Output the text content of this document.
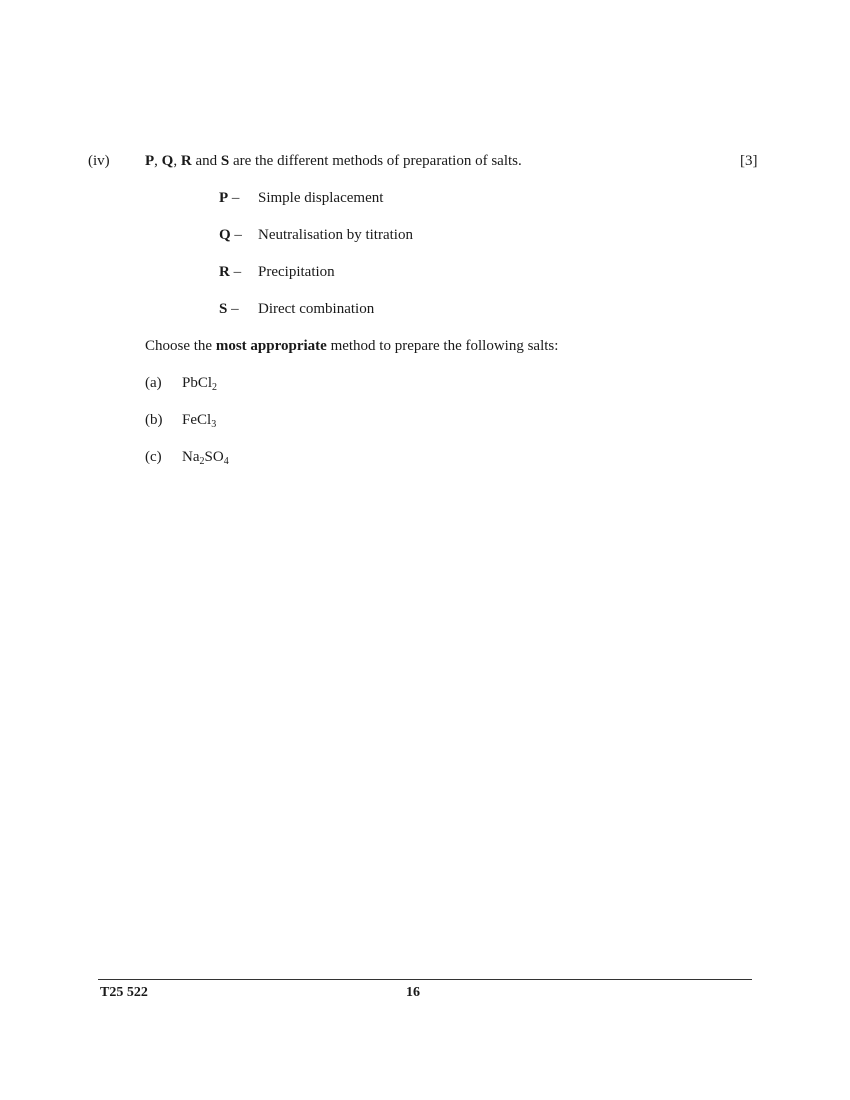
(iv) P, Q, R and S are the different methods of preparation of salts.	[3]
P – Simple displacement
Q – Neutralisation by titration
R – Precipitation
S – Direct combination
Choose the most appropriate method to prepare the following salts:
(a) PbCl$_2$
(b) FeCl$_3$
(c) $Na_2SO_4$
T25 522	16
